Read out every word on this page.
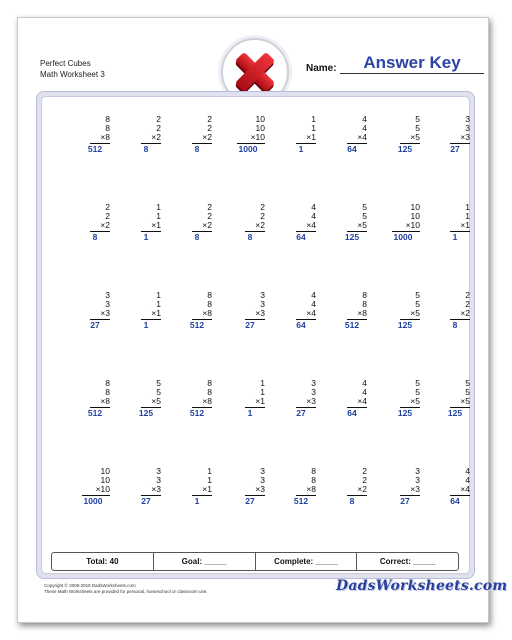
Perfect Cubes
Math Worksheet 3
Name:	Answer Key
8
8
×8
512
2
2
×2
8
2
2
×2
8
10
10
×10
1000
1
1
×1
1
4
4
×4
64
5
5
×5
125
3
3
×3
27
2
2
×2
8
1
1
×1
1
2
2
×2
8
2
2
×2
8
4
4
×4
64
5
5
×5
125
10
10
×10
1000
1
1
×1
1
3
3
×3
27
1
1
×1
1
8
8
×8
512
3
3
×3
27
4
4
×4
64
8
8
×8
512
5
5
×5
125
2
2
×2
8
8
8
×8
512
5
5
×5
125
8
8
×8
512
1
1
×1
1
3
3
×3
27
4
4
×4
64
5
5
×5
125
5
5
×5
125
10
10
×10
1000
3
3
×3
27
1
1
×1
1
3
3
×3
27
8
8
×8
512
2
2
×2
8
3
3
×3
27
4
4
×4
64
Total: 40	Goal: _____	Complete: _____	Correct: _____
Copyright © 2008-2018 DadsWorksheets.com
These Math Worksheets are provided for personal, homeschool or classroom use.	DadsWorksheets.com
